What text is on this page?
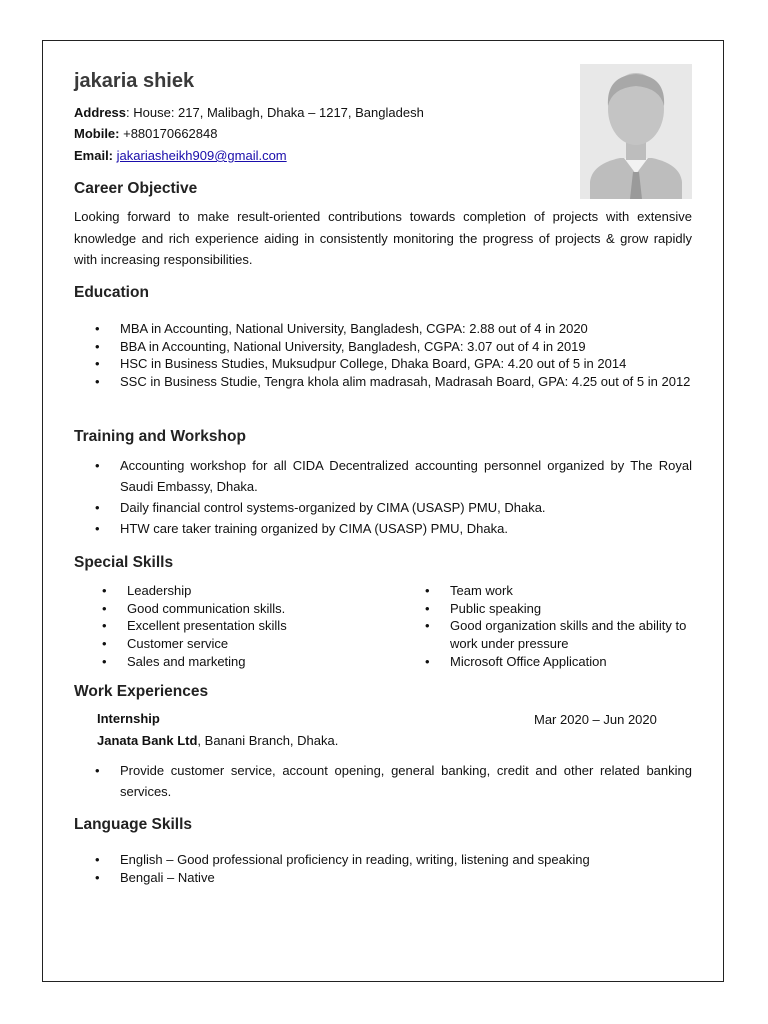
jakaria shiek
Address: House: 217, Malibagh, Dhaka – 1217, Bangladesh
Mobile: +880170662848
Email: jakariasheikh909@gmail.com
Career Objective
Looking forward to make result-oriented contributions towards completion of projects with extensive knowledge and rich experience aiding in consistently monitoring the progress of projects & grow rapidly with increasing responsibilities.
Education
• MBA in Accounting, National University, Bangladesh, CGPA: 2.88 out of 4 in 2020
• BBA in Accounting, National University, Bangladesh, CGPA: 3.07 out of 4 in 2019
• HSC in Business Studies, Muksudpur College, Dhaka Board, GPA: 4.20 out of 5 in 2014
• SSC in Business Studie, Tengra khola alim madrasah, Madrasah Board, GPA: 4.25 out of 5 in 2012
Training and Workshop
• Accounting workshop for all CIDA Decentralized accounting personnel organized by The Royal Saudi Embassy, Dhaka.
• Daily financial control systems-organized by CIMA (USASP) PMU, Dhaka.
• HTW care taker training organized by CIMA (USASP) PMU, Dhaka.
Special Skills
• Leadership
• Good communication skills.
• Excellent presentation skills
• Customer service
• Sales and marketing
• Team work
• Public speaking
• Good organization skills and the ability to work under pressure
• Microsoft Office Application
Work Experiences
Internship	Mar 2020 – Jun 2020
Janata Bank Ltd, Banani Branch, Dhaka.
• Provide customer service, account opening, general banking, credit and other related banking services.
Language Skills
• English – Good professional proficiency in reading, writing, listening and speaking
• Bengali – Native
